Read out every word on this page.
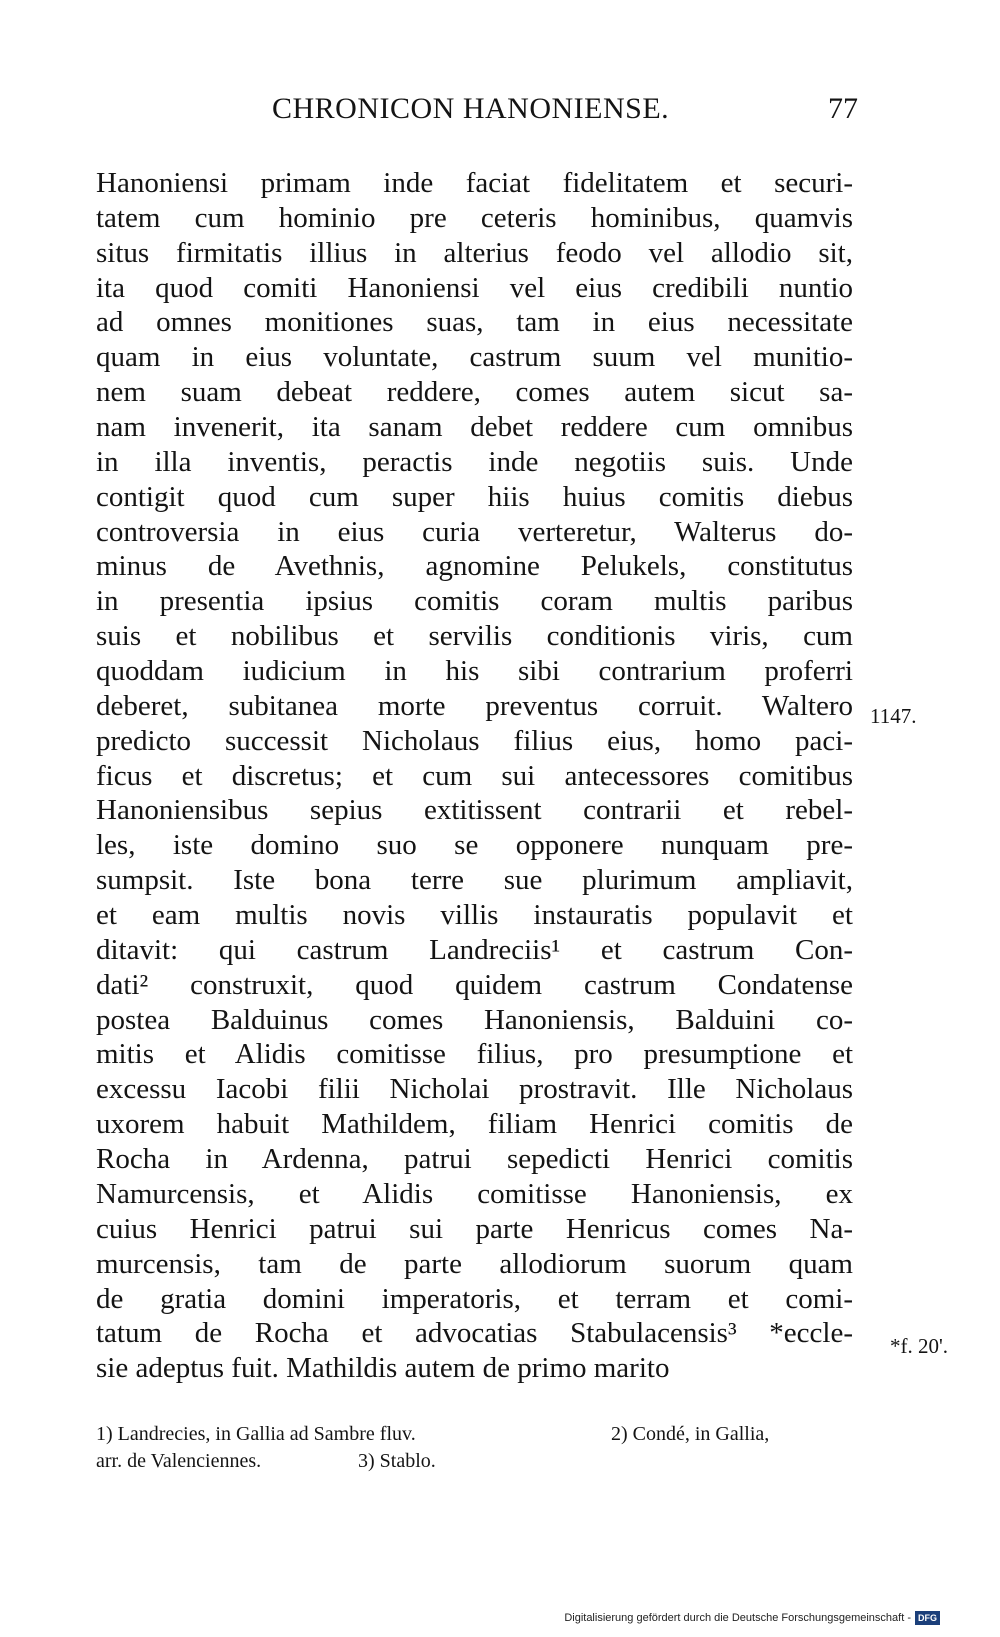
CHRONICON HANONIENSE.	77
Hanoniensi primam inde faciat fidelitatem et securi-
tatem cum hominio pre ceteris hominibus, quamvis
situs firmitatis illius in alterius feodo vel allodio sit,
ita quod comiti Hanoniensi vel eius credibili nuntio
ad omnes monitiones suas, tam in eius necessitate
quam in eius voluntate, castrum suum vel munitio-
nem suam debeat reddere, comes autem sicut sa-
nam invenerit, ita sanam debet reddere cum omnibus
in illa inventis, peractis inde negotiis suis. Unde
contigit quod cum super hiis huius comitis diebus
controversia in eius curia verteretur, Walterus do-
minus de Avethnis, agnomine Pelukels, constitutus
in presentia ipsius comitis coram multis paribus
suis et nobilibus et servilis conditionis viris, cum
quoddam iudicium in his sibi contrarium proferri
deberet, subitanea morte preventus corruit. Waltero
predicto successit Nicholaus filius eius, homo paci-
ficus et discretus; et cum sui antecessores comitibus
Hanoniensibus sepius extitissent contrarii et rebel-
les, iste domino suo se opponere nunquam pre-
sumpsit. Iste bona terre sue plurimum ampliavit,
et eam multis novis villis instauratis populavit et
ditavit: qui castrum Landreciis¹ et castrum Con-
dati² construxit, quod quidem castrum Condatense
postea Balduinus comes Hanoniensis, Balduini co-
mitis et Alidis comitisse filius, pro presumptione et
excessu Iacobi filii Nicholai prostravit. Ille Nicholaus
uxorem habuit Mathildem, filiam Henrici comitis de
Rocha in Ardenna, patrui sepedicti Henrici comitis
Namurcensis, et Alidis comitisse Hanoniensis, ex
cuius Henrici patrui sui parte Henricus comes Na-
murcensis, tam de parte allodiorum suorum quam
de gratia domini imperatoris, et terram et comi-
tatum de Rocha et advocatias Stabulacensis³ *eccle-
sie adeptus fuit. Mathildis autem de primo marito
1147.
*f. 20'.
1) Landrecies, in Gallia ad Sambre fluv.	2) Condé, in Gallia,
arr. de Valenciennes.	3) Stablo.
Digitalisierung gefördert durch die Deutsche Forschungsgemeinschaft - DFG
